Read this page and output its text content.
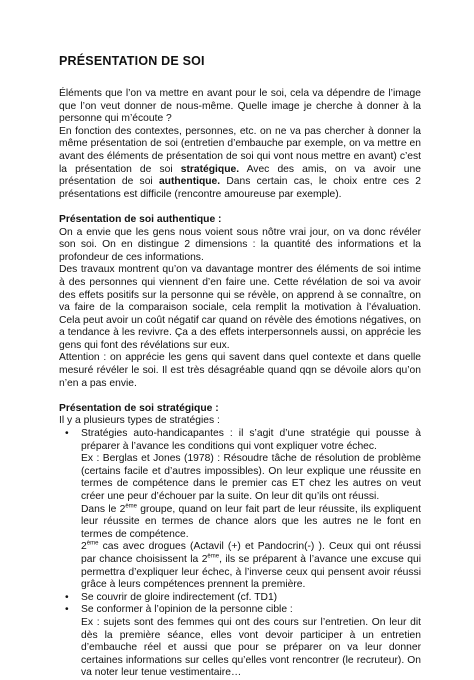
PRÉSENTATION DE SOI

Éléments que l’on va mettre en avant pour le soi, cela va dépendre de l’image que l’on veut donner de nous-même. Quelle image je cherche à donner à la personne qui m’écoute ?

En fonction des contextes, personnes, etc. on ne va pas chercher à donner la même présentation de soi (entretien d’embauche par exemple, on va mettre en avant des éléments de présentation de soi qui vont nous mettre en avant) c’est la présentation de soi stratégique. Avec des amis, on va avoir une présentation de soi authentique. Dans certain cas, le choix entre ces 2 présentations est difficile (rencontre amoureuse par exemple).

Présentation de soi authentique :

On a envie que les gens nous voient sous nôtre vrai jour, on va donc révéler son soi. On en distingue 2 dimensions : la quantité des informations et la profondeur de ces informations.

Des travaux montrent qu’on va davantage montrer des éléments de soi intime à des personnes qui viennent d’en faire une. Cette révélation de soi va avoir des effets positifs sur la personne qui se révèle, on apprend à se connaître, on va faire de la comparaison sociale, cela remplit la motivation à l’évaluation. Cela peut avoir un coût négatif car quand on révèle des émotions négatives, on a tendance à les revivre. Ça a des effets interpersonnels aussi, on apprécie les gens qui font des révélations sur eux.

Attention : on apprécie les gens qui savent dans quel contexte et dans quelle mesuré révéler le soi. Il est très désagréable quand qqn se dévoile alors qu’on n’en a pas envie.

Présentation de soi stratégique :

Il y a plusieurs types de stratégies :

• Stratégies auto-handicapantes : il s’agit d’une stratégie qui pousse à préparer à l’avance les conditions qui vont expliquer votre échec.
Ex : Berglas et Jones (1978) : Résoudre tâche de résolution de problème (certains facile et d’autres impossibles). On leur explique une réussite en termes de compétence dans le premier cas ET chez les autres on veut créer une peur d’échouer par la suite. On leur dit qu’ils ont réussi.
Dans le 2ème groupe, quand on leur fait part de leur réussite, ils expliquent leur réussite en termes de chance alors que les autres ne le font en termes de compétence.
2ème cas avec drogues (Actavil (+) et Pandocrin(-) ). Ceux qui ont réussi par chance choisissent la 2ème, ils se préparent à l’avance une excuse qui permettra d’expliquer leur échec, à l’inverse ceux qui pensent avoir réussi grâce à leurs compétences prennent la première.
• Se couvrir de gloire indirectement (cf. TD1)
• Se conformer à l’opinion de la personne cible :
Ex : sujets sont des femmes qui ont des cours sur l’entretien. On leur dit dès la première séance, elles vont devoir participer à un entretien d’embauche réel et aussi que pour se préparer on va leur donner certaines informations sur celles qu’elles vont rencontrer (le recruteur). On va noter leur tenue vestimentaire…
